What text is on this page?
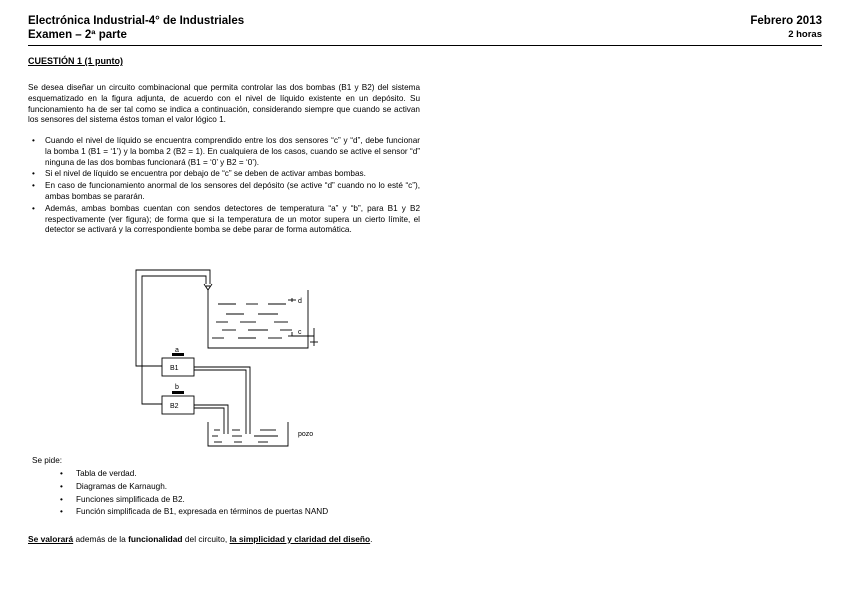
Electrónica Industrial-4° de Industriales
Examen – 2ª parte
Febrero 2013
2 horas
CUESTIÓN 1 (1 punto)
Se desea diseñar un circuito combinacional que permita controlar las dos bombas (B1 y B2) del sistema esquematizado en la figura adjunta, de acuerdo con el nivel de líquido existente en un depósito. Su funcionamiento ha de ser tal como se indica a continuación, considerando siempre que cuando se activan los sensores del sistema éstos toman el valor lógico 1.
• Cuando el nivel de líquido se encuentra comprendido entre los dos sensores “c” y “d”, debe funcionar la bomba 1 (B1 = ‘1’) y la bomba 2 (B2 = 1). En cualquiera de los casos, cuando se active el sensor “d” ninguna de las dos bombas funcionará (B1 = ‘0’ y B2 = ‘0’).
• Si el nivel de líquido se encuentra por debajo de “c” se deben de activar ambas bombas.
• En caso de funcionamiento anormal de los sensores del depósito (se active “d” cuando no lo esté “c”), ambas bombas se pararán.
• Además, ambas bombas cuentan con sendos detectores de temperatura “a” y “b”, para B1 y B2 respectivamente (ver figura); de forma que si la temperatura de un motor supera un cierto límite, el detector se activará y la correspondiente bomba se debe parar de forma automática.
d
c
a
b
B1
B2
pozo
Se pide:
• Tabla de verdad.
• Diagramas de Karnaugh.
• Funciones simplificada de B2.
• Función simplificada de B1, expresada en términos de puertas NAND
Se valorará además de la funcionalidad del circuito, la simplicidad y claridad del diseño.
